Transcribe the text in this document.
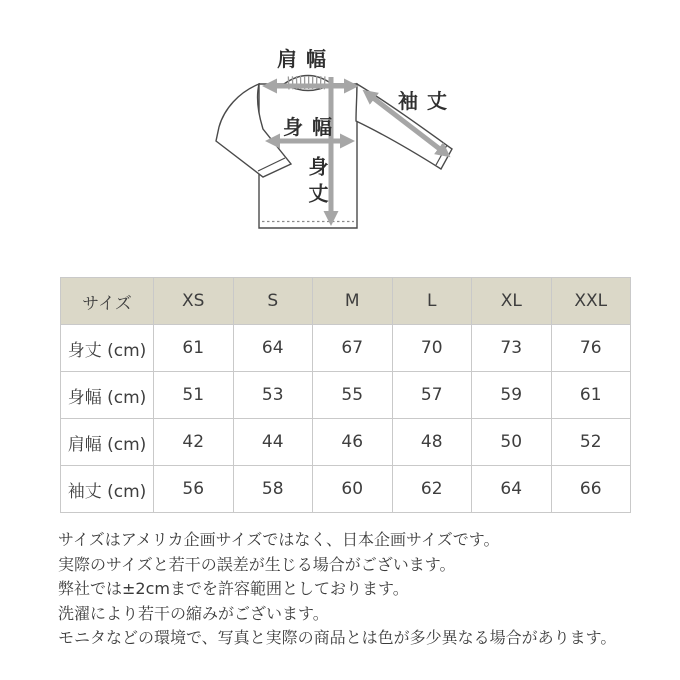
肩幅
袖丈
身幅
身丈
サイズ	XS	S	M	L	XL	XXL
身丈 (cm)	61	64	67	70	73	76
身幅 (cm)	51	53	55	57	59	61
肩幅 (cm)	42	44	46	48	50	52
袖丈 (cm)	56	58	60	62	64	66
サイズはアメリカ企画サイズではなく、日本企画サイズです。
実際のサイズと若干の誤差が生じる場合がございます。
弊社では±2cmまでを許容範囲としております。
洗濯により若干の縮みがございます。
モニタなどの環境で、写真と実際の商品とは色が多少異なる場合があります。
